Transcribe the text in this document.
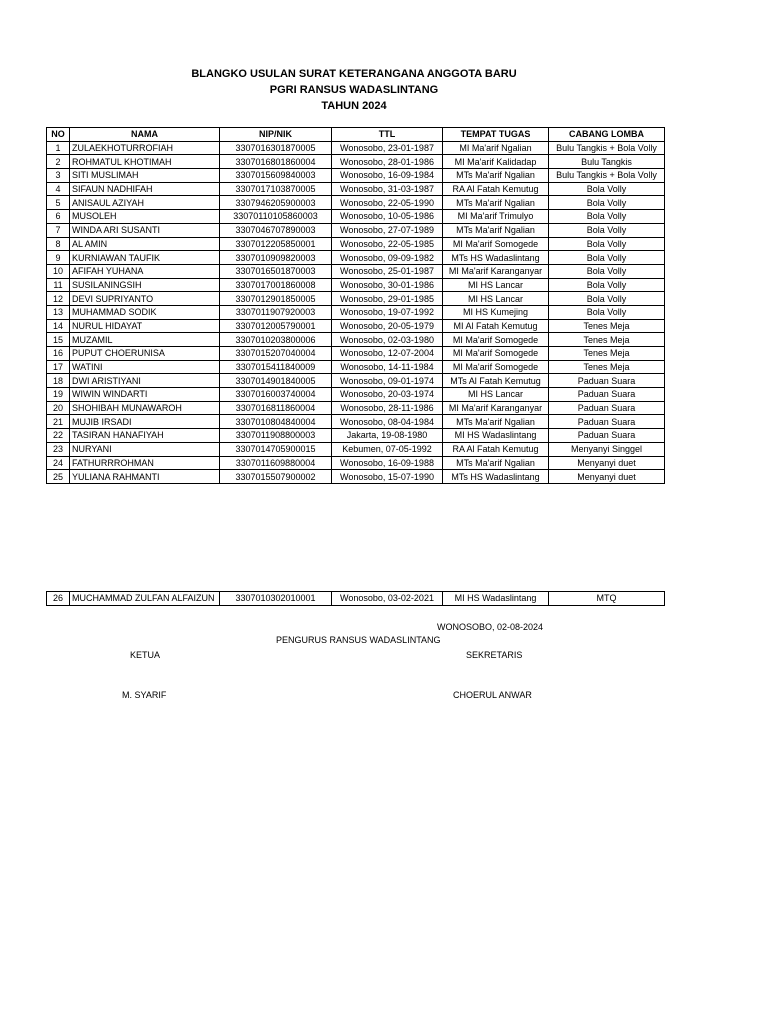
BLANGKO USULAN SURAT KETERANGANA ANGGOTA BARU
PGRI RANSUS WADASLINTANG
TAHUN 2024
NO	NAMA	NIP/NIK	TTL	TEMPAT TUGAS	CABANG LOMBA
1	ZULAEKHOTURROFIAH	3307016301870005	Wonosobo, 23-01-1987	MI Ma'arif Ngalian	Bulu Tangkis + Bola Volly
2	ROHMATUL KHOTIMAH	3307016801860004	Wonosobo, 28-01-1986	MI Ma'arif Kalidadap	Bulu Tangkis
3	SITI MUSLIMAH	3307015609840003	Wonosobo, 16-09-1984	MTs Ma'arif Ngalian	Bulu Tangkis + Bola Volly
4	SIFAUN NADHIFAH	3307017103870005	Wonosobo, 31-03-1987	RA Al Fatah Kemutug	Bola Volly
5	ANISAUL AZIYAH	3307946205900003	Wonosobo, 22-05-1990	MTs Ma'arif Ngalian	Bola Volly
6	MUSOLEH	33070110105860003	Wonosobo, 10-05-1986	MI Ma'arif Trimulyo	Bola Volly
7	WINDA ARI SUSANTI	3307046707890003	Wonosobo, 27-07-1989	MTs Ma'arif Ngalian	Bola Volly
8	AL AMIN	3307012205850001	Wonosobo, 22-05-1985	MI Ma'arif Somogede	Bola Volly
9	KURNIAWAN TAUFIK	3307010909820003	Wonosobo, 09-09-1982	MTs HS Wadaslintang	Bola Volly
10	AFIFAH YUHANA	3307016501870003	Wonosobo, 25-01-1987	MI Ma'arif Karanganyar	Bola Volly
11	SUSILANINGSIH	3307017001860008	Wonosobo, 30-01-1986	MI HS Lancar	Bola Volly
12	DEVI SUPRIYANTO	3307012901850005	Wonosobo, 29-01-1985	MI HS Lancar	Bola Volly
13	MUHAMMAD SODIK	3307011907920003	Wonosobo, 19-07-1992	MI HS Kumejing	Bola Volly
14	NURUL HIDAYAT	3307012005790001	Wonosobo, 20-05-1979	MI Al Fatah Kemutug	Tenes Meja
15	MUZAMIL	3307010203800006	Wonosobo, 02-03-1980	MI Ma'arif Somogede	Tenes Meja
16	PUPUT CHOERUNISA	3307015207040004	Wonosobo, 12-07-2004	MI Ma'arif Somogede	Tenes Meja
17	WATINI	3307015411840009	Wonosobo, 14-11-1984	MI Ma'arif Somogede	Tenes Meja
18	DWI ARISTIYANI	3307014901840005	Wonosobo, 09-01-1974	MTs Al Fatah Kemutug	Paduan Suara
19	WIWIN WINDARTI	3307016003740004	Wonosobo, 20-03-1974	MI HS Lancar	Paduan Suara
20	SHOHIBAH MUNAWAROH	3307016811860004	Wonosobo, 28-11-1986	MI Ma'arif Karanganyar	Paduan Suara
21	MUJIB IRSADI	3307010804840004	Wonosobo, 08-04-1984	MTs Ma'arif Ngalian	Paduan Suara
22	TASIRAN HANAFIYAH	3307011908800003	Jakarta, 19-08-1980	MI HS Wadaslintang	Paduan Suara
23	NURYANI	3307014705900015	Kebumen, 07-05-1992	RA Al Fatah Kemutug	Menyanyi Singgel
24	FATHURRROHMAN	3307011609880004	Wonosobo, 16-09-1988	MTs Ma'arif Ngalian	Menyanyi duet
25	YULIANA RAHMANTI	3307015507900002	Wonosobo, 15-07-1990	MTs HS Wadaslintang	Menyanyi duet
26	MUCHAMMAD ZULFAN ALFAIZUN	3307010302010001	Wonosobo, 03-02-2021	MI HS Wadaslintang	MTQ
WONOSOBO, 02-08-2024
PENGURUS RANSUS WADASLINTANG
KETUA	SEKRETARIS
M. SYARIF	CHOERUL ANWAR
